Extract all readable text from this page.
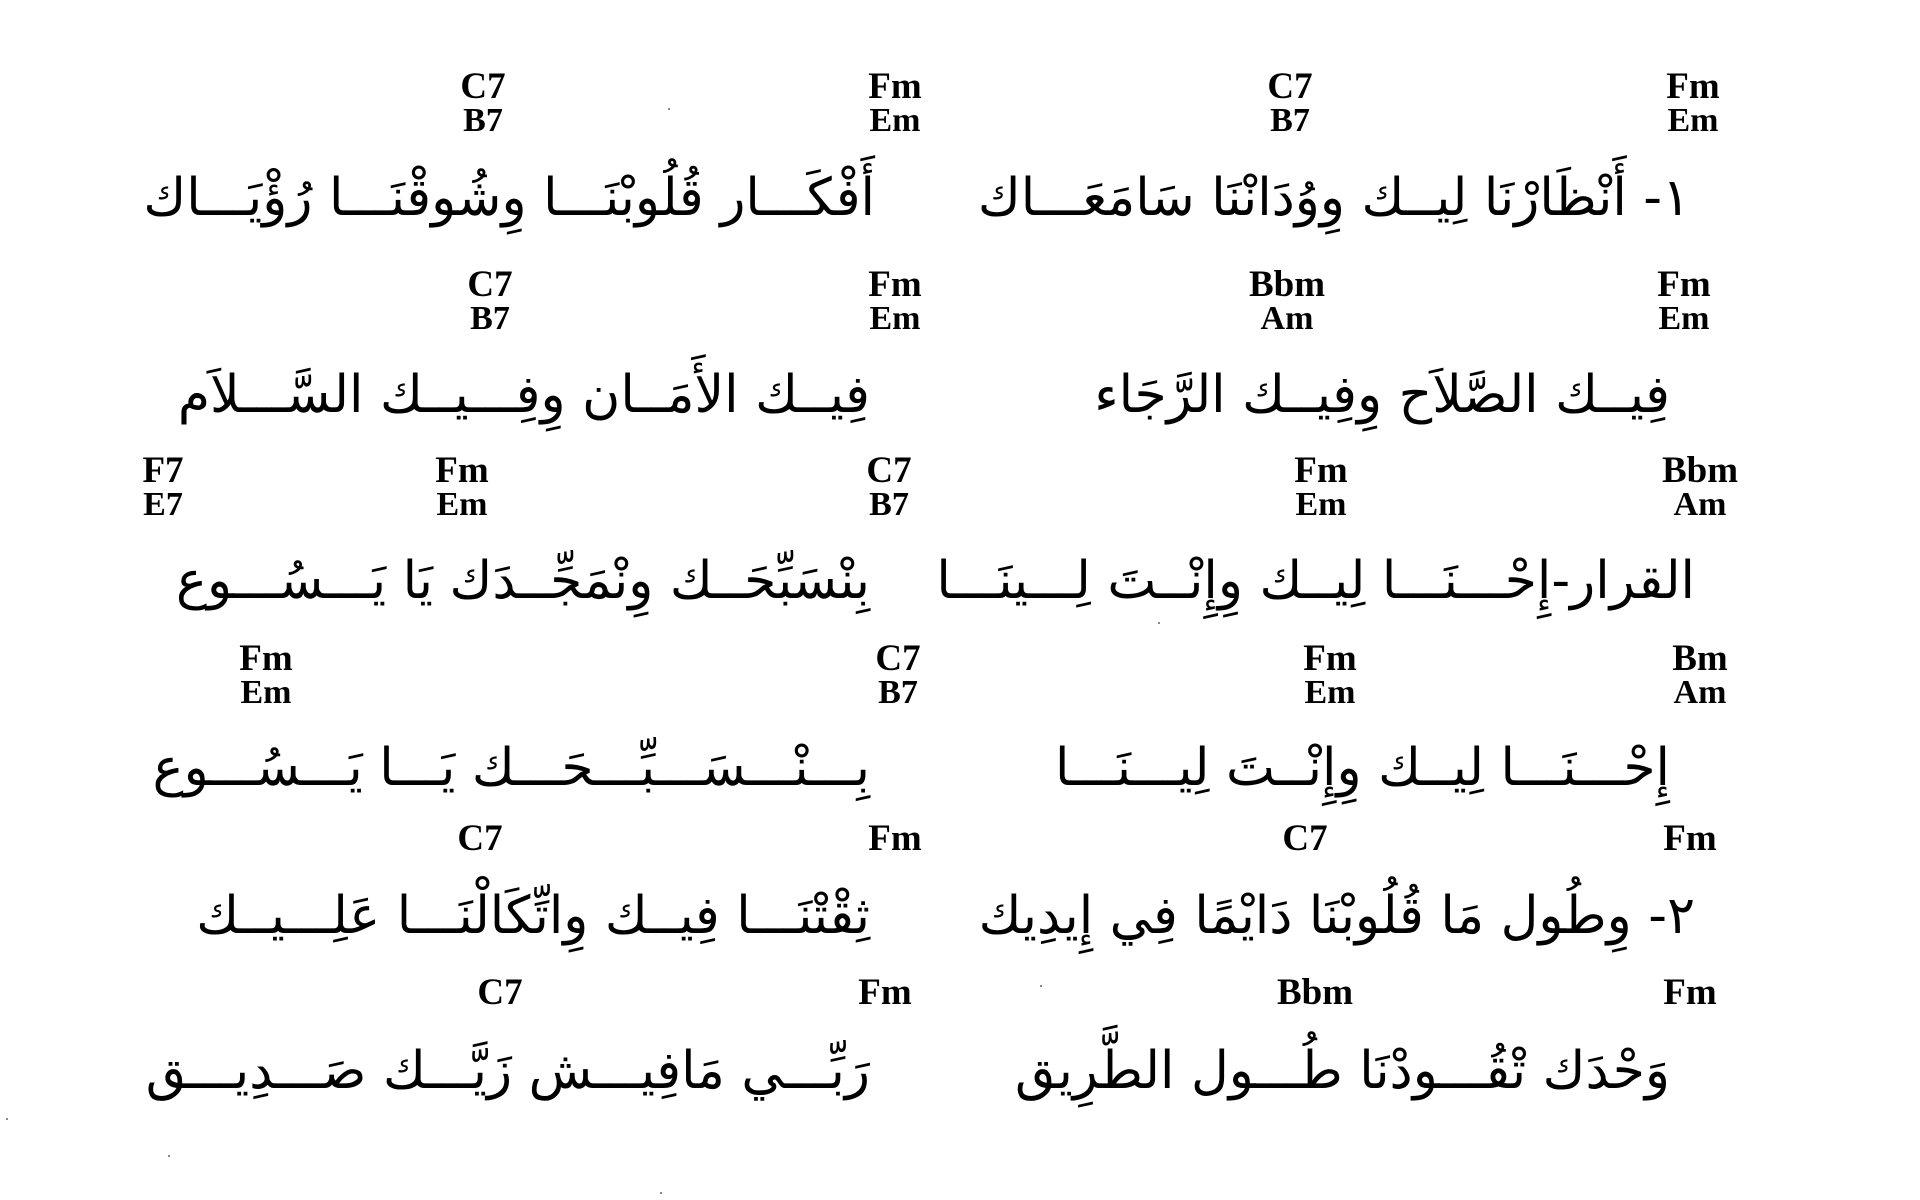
Fm
Em
C7
B7
١- أَنْظَارْنَا لِيــك وِوُدَانْنَا سَامَعَـــاك
Fm
Em
C7
B7
أَفْكَـــار قُلُوبْنَـــا وِشُوقْنَـــا رُؤْيَـــاك
Fm
Em
Bbm
Am
فِيــك الصَّلاَح وِفِيــك الرَّجَاء
Fm
Em
C7
B7
فِيــك الأَمَــان وِفِـــيــك السَّـــلاَم
Bbm
Am
Fm
Em
القرار-إِحْـــنَـــا لِيــك وِإِنْــتَ لِـــينَـــا
C7
B7
Fm
Em
F7
E7
بِنْسَبِّحَــك وِنْمَجِّــدَك يَا يَـــسُـــوع
Bm
Am
Fm
Em
إِحْـــنَـــا لِيــك وِإِنْــتَ لِيـــنَـــا
C7
B7
Fm
Em
بِـــنْـــسَـــبِّـــحَـــك يَـــا يَـــسُـــوع
Fm
C7
٢- وِطُول مَا قُلُوبْنَا دَايْمًا فِي إِيدِيك
Fm
C7
ثِقْتْنَـــا فِيــك وِاتِّكَالْنَـــا عَلِـــيــك
Fm
Bbm
وَحْدَك تْقُـــودْنَا طُـــول الطَّرِيق
Fm
C7
رَبِّـــي مَافِيـــش زَيَّـــك صَـــدِيـــق
